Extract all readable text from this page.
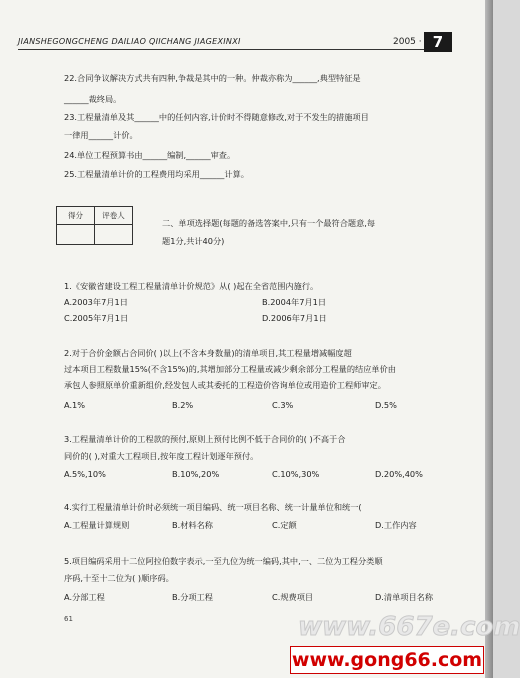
JIANSHEGONGCHENG DAILIAO QIICHANG JIAGEXINXI	2005 · 7
22.合同争议解决方式共有四种,争裁是其中的一种。仲裁亦称为______,典型特征是
______裁终局。
23.工程量清单及其______中的任何内容,计价时不得随意修改,对于不发生的措施项目
一律用______计价。
24.单位工程预算书由______编制,______审查。
25.工程量清单计价的工程费用均采用______计算。
得分	评卷人

二、单项选择题(每题的备选答案中,只有一个最符合题意,每
题1分,共计40分)
1.《安徽省建设工程工程量清单计价规范》从( )起在全省范围内施行。
A.2003年7月1日	B.2004年7月1日
C.2005年7月1日	D.2006年7月1日
2.对于合价金额占合同价( )以上(不含本身数量)的清单项目,其工程量增减幅度超
过本项目工程数量15%(不含15%)的,其增加部分工程量或减少剩余部分工程量的结应单价由
承包人参照原单价重新组价,经发包人或其委托的工程造价咨询单位或用造价工程师审定。
A.1%	B.2%	C.3%	D.5%
3.工程量清单计价的工程款的预付,原则上预付比例不低于合同价的( )不高于合
同价的( ),对重大工程项目,按年度工程计划逐年预付。
A.5%,10%	B.10%,20%	C.10%,30%	D.20%,40%
4.实行工程量清单计价时必须统一项目编码、统一项目名称、统一计量单位和统一(
A.工程量计算规则	B.材料名称	C.定额	D.工作内容
5.项目编码采用十二位阿拉伯数字表示,一至九位为统一编码,其中,一、二位为工程分类顺
序码,十至十二位为( )顺序码。
A.分部工程	B.分项工程	C.规费项目	D.清单项目名称
61	www.667e.com
www.gong66.com
